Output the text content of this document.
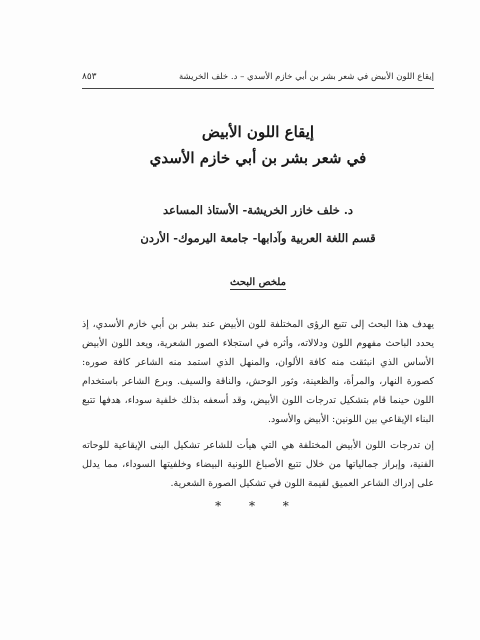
إيقاع اللون الأبيض في شعر بشر بن أبي خازم الأسدي – د. خلف الخريشة
٨٥٣
إيقاع اللون الأبيض
في شعر بشر بن أبي خازم الأسدي
د. خلف خازر الخريشة- الأستاذ المساعد
قسم اللغة العربية وآدابها- جامعة اليرموك- الأردن
ملخص البحث
يهدف هذا البحث إلى تتبع الرؤى المختلفة للون الأبيض عند بشر بن أبي خازم الأسدي، إذ يحدد الباحث مفهوم اللون ودلالاته، وأثره في استجلاء الصور الشعرية، ويعد اللون الأبيض الأساس الذي انبثقت منه كافة الألوان، والمنهل الذي استمد منه الشاعر كافة صوره: كصورة النهار، والمرأة، والظعينة، وثور الوحش، والناقة والسيف. وبرع الشاعر باستخدام اللون حينما قام بتشكيل تدرجات اللون الأبيض، وقد أسعفه بذلك خلفية سوداء، هدفها تتبع البناء الإيقاعي بين اللونين: الأبيض والأسود.
إن تدرجات اللون الأبيض المختلفة هي التي هيأت للشاعر تشكيل البنى الإيقاعية للوحاته الفنية، وإبراز جمالياتها من خلال تتبع الأصباغ اللونية البيضاء وخلفيتها السوداء، مما يدلل على إدراك الشاعر العميق لقيمة اللون في تشكيل الصورة الشعرية.
* * *
